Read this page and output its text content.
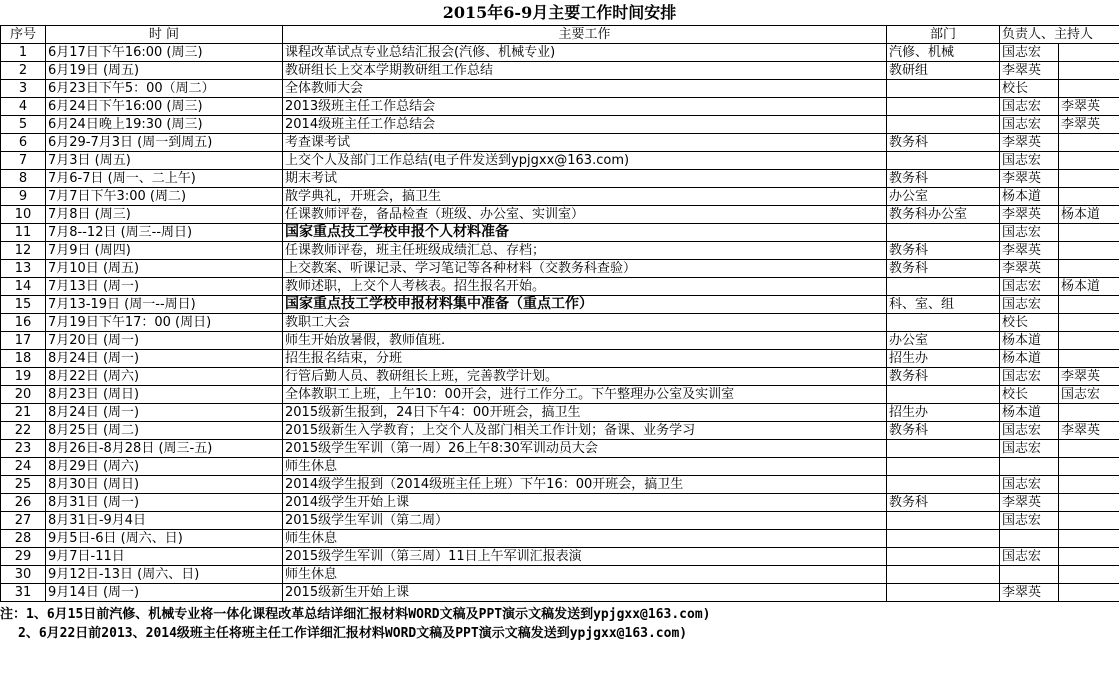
2015年6-9月主要工作时间安排
序号	时 间	主要工作	部门	负责人、主持人	
1	6月17日下午16:00 (周三)	课程改革试点专业总结汇报会(汽修、机械专业)	汽修、机械	国志宏	
2	6月19日 (周五)	教研组长上交本学期教研组工作总结	教研组	李翠英	
3	6月23日下午5：00（周二）	全体教师大会		校长	
4	6月24日下午16:00 (周三)	2013级班主任工作总结会		国志宏	李翠英
5	6月24日晚上19:30 (周三)	2014级班主任工作总结会		国志宏	李翠英
6	6月29-7月3日 (周一到周五)	考查课考试	教务科	李翠英	
7	7月3日 (周五)	上交个人及部门工作总结(电子件发送到ypjgxx@163.com)		国志宏	
8	7月6-7日 (周一、二上午)	期末考试	教务科	李翠英	
9	7月7日下午3:00 (周二)	散学典礼，开班会，搞卫生	办公室	杨本道	
10	7月8日 (周三)	任课教师评卷，备品检查（班级、办公室、实训室）	教务科办公室	李翠英	杨本道
11	7月8--12日 (周三--周日)	国家重点技工学校申报个人材料准备		国志宏	
12	7月9日 (周四)	任课教师评卷，班主任班级成绩汇总、存档；	教务科	李翠英	
13	7月10日 (周五)	上交教案、听课记录、学习笔记等各种材料（交教务科查验）	教务科	李翠英	
14	7月13日 (周一)	教师述职，上交个人考核表。招生报名开始。		国志宏	杨本道
15	7月13-19日 (周一--周日)	国家重点技工学校申报材料集中准备（重点工作）	科、室、组	国志宏	
16	7月19日下午17：00 (周日)	教职工大会		校长	
17	7月20日 (周一)	师生开始放暑假，教师值班.	办公室	杨本道	
18	8月24日 (周一)	招生报名结束，分班	招生办	杨本道	
19	8月22日 (周六)	行管后勤人员、教研组长上班，完善教学计划。	教务科	国志宏	李翠英
20	8月23日 (周日)	全体教职工上班，上午10：00开会，进行工作分工。下午整理办公室及实训室		校长	国志宏
21	8月24日 (周一)	2015级新生报到，24日下午4：00开班会，搞卫生	招生办	杨本道	
22	8月25日 (周二)	2015级新生入学教育；上交个人及部门相关工作计划；备课、业务学习	教务科	国志宏	李翠英
23	8月26日-8月28日 (周三-五)	2015级学生军训（第一周）26上午8:30军训动员大会		国志宏	
24	8月29日 (周六)	师生休息			
25	8月30日 (周日)	2014级学生报到（2014级班主任上班）下午16：00开班会，搞卫生		国志宏	
26	8月31日 (周一)	2014级学生开始上课	教务科	李翠英	
27	8月31日-9月4日	2015级学生军训（第二周）		国志宏	
28	9月5日-6日 (周六、日)	师生休息			
29	9月7日-11日	2015级学生军训（第三周）11日上午军训汇报表演		国志宏	
30	9月12日-13日 (周六、日)	师生休息			
31	9月14日 (周一)	2015级新生开始上课		李翠英	
注：1、6月15日前汽修、机械专业将一体化课程改革总结详细汇报材料WORD文稿及PPT演示文稿发送到ypjgxx@163.com)
2、6月22日前2013、2014级班主任将班主任工作详细汇报材料WORD文稿及PPT演示文稿发送到ypjgxx@163.com)
